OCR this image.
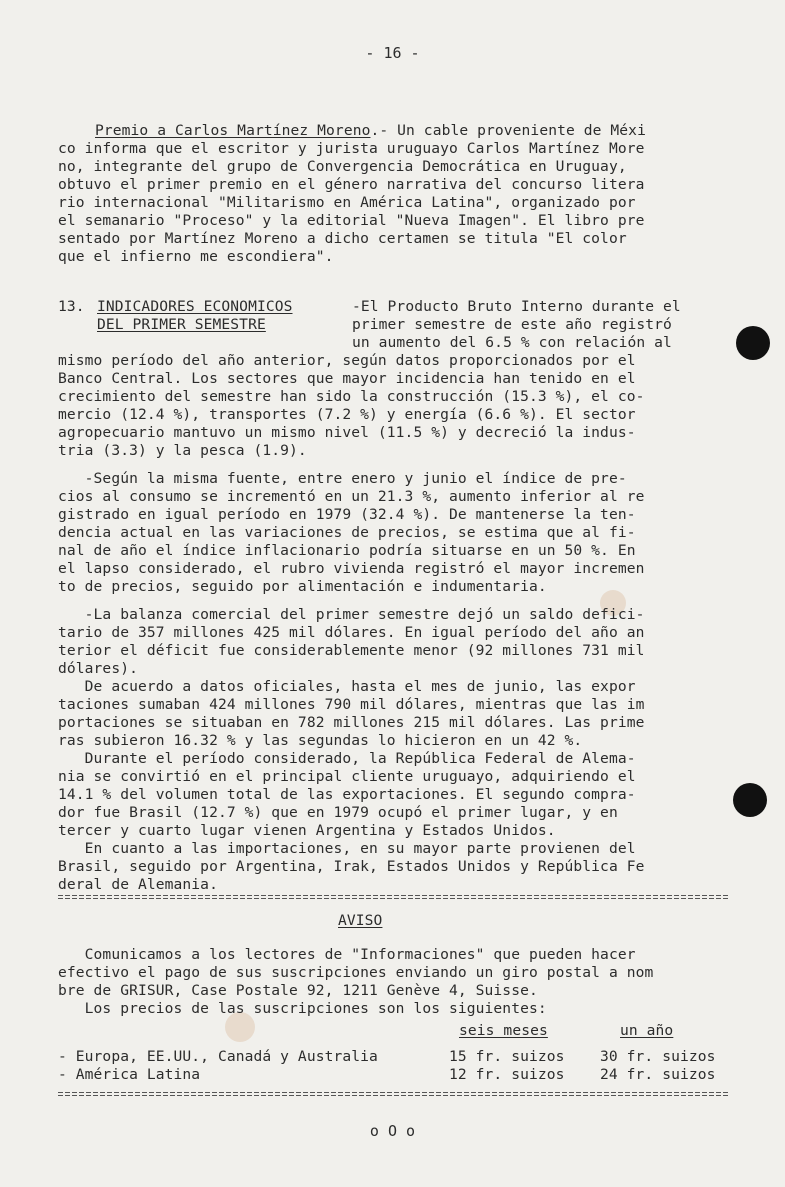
- 16 -
Premio a Carlos Martínez Moreno.- Un cable proveniente de Méxi
co informa que el escritor y jurista uruguayo Carlos Martínez More
no, integrante del grupo de Convergencia Democrática en Uruguay,
obtuvo el primer premio en el género narrativa del concurso litera
rio internacional "Militarismo en América Latina", organizado por
el semanario "Proceso" y la editorial "Nueva Imagen". El libro pre
sentado por Martínez Moreno a dicho certamen se titula "El color
que el infierno me escondiera".
13. INDICADORES ECONOMICOS
DEL PRIMER SEMESTRE
-El Producto Bruto Interno durante el
primer semestre de este año registró
un aumento del 6.5 % con relación al
mismo período del año anterior, según datos proporcionados por el
Banco Central. Los sectores que mayor incidencia han tenido en el
crecimiento del semestre han sido la construcción (15.3 %), el co-
mercio (12.4 %), transportes (7.2 %) y energía (6.6 %). El sector
agropecuario mantuvo un mismo nivel (11.5 %) y decreció la indus-
tria (3.3) y la pesca (1.9).
-Según la misma fuente, entre enero y junio el índice de pre-
cios al consumo se incrementó en un 21.3 %, aumento inferior al re
gistrado en igual período en 1979 (32.4 %). De mantenerse la ten-
dencia actual en las variaciones de precios, se estima que al fi-
nal de año el índice inflacionario podría situarse en un 50 %. En
el lapso considerado, el rubro vivienda registró el mayor incremen
to de precios, seguido por alimentación e indumentaria.
-La balanza comercial del primer semestre dejó un saldo defici-
tario de 357 millones 425 mil dólares. En igual período del año an
terior el déficit fue considerablemente menor (92 millones 731 mil
dólares).
De acuerdo a datos oficiales, hasta el mes de junio, las expor
taciones sumaban 424 millones 790 mil dólares, mientras que las im
portaciones se situaban en 782 millones 215 mil dólares. Las prime
ras subieron 16.32 % y las segundas lo hicieron en un 42 %.
Durante el período considerado, la República Federal de Alema-
nia se convirtió en el principal cliente uruguayo, adquiriendo el
14.1 % del volumen total de las exportaciones. El segundo compra-
dor fue Brasil (12.7 %) que en 1979 ocupó el primer lugar, y en
tercer y cuarto lugar vienen Argentina y Estados Unidos.
En cuanto a las importaciones, en su mayor parte provienen del
Brasil, seguido por Argentina, Irak, Estados Unidos y República Fe
deral de Alemania.
AVISO
Comunicamos a los lectores de "Informaciones" que pueden hacer
efectivo el pago de sus suscripciones enviando un giro postal a nom
bre de GRISUR, Case Postale 92, 1211 Genève 4, Suisse.
Los precios de las suscripciones son los siguientes:
seis meses	un año
- Europa, EE.UU., Canadá y Australia	15 fr. suizos 30 fr. suizos
- América Latina	12 fr. suizos 24 fr. suizos
o O o
